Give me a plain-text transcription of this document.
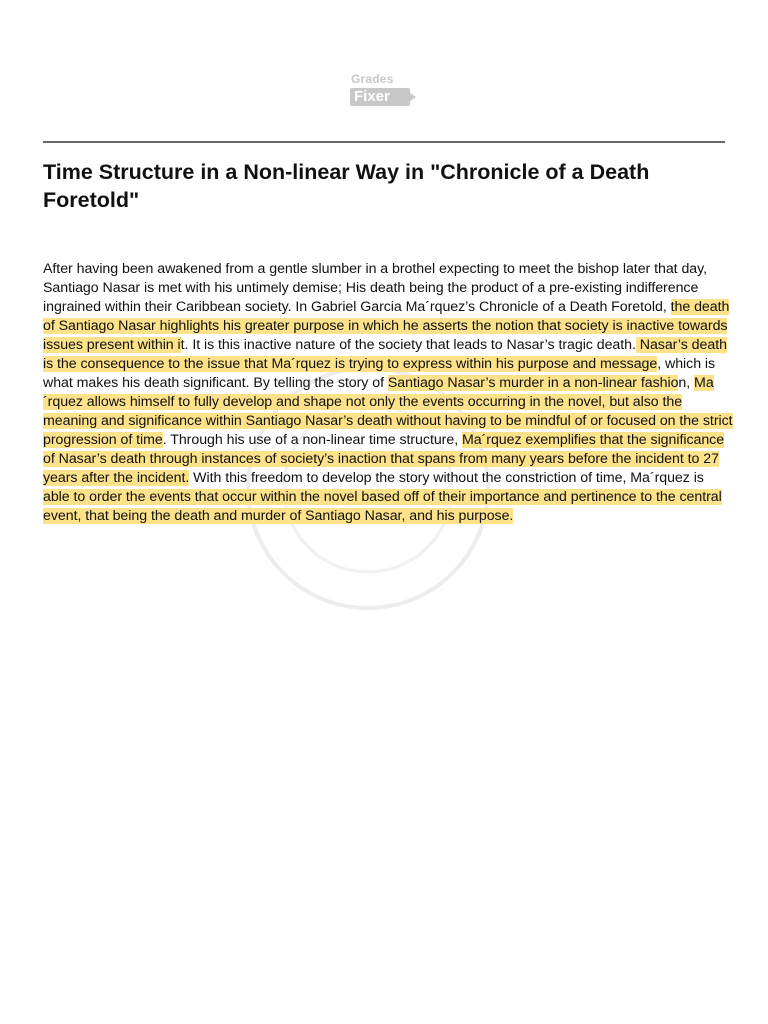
Grades
Fixer
Time Structure in a Non-linear Way in "Chronicle of a Death Foretold"

After having been awakened from a gentle slumber in a brothel expecting to meet the bishop later that day, Santiago Nasar is met with his untimely demise; His death being the product of a pre-existing indifference ingrained within their Caribbean society. In Gabriel Garcia Ma´rquez’s Chronicle of a Death Foretold, the death of Santiago Nasar highlights his greater purpose in which he asserts the notion that society is inactive towards issues present within it. It is this inactive nature of the society that leads to Nasar’s tragic death. Nasar’s death is the consequence to the issue that Ma´rquez is trying to express within his purpose and message, which is what makes his death significant. By telling the story of Santiago Nasar’s murder in a non-linear fashion, Ma´rquez allows himself to fully develop and shape not only the events occurring in the novel, but also the meaning and significance within Santiago Nasar’s death without having to be mindful of or focused on the strict progression of time. Through his use of a non-linear time structure, Ma´rquez exemplifies that the significance of Nasar’s death through instances of society’s inaction that spans from many years before the incident to 27 years after the incident. With this freedom to develop the story without the constriction of time, Ma´rquez is able to order the events that occur within the novel based off of their importance and pertinence to the central event, that being the death and murder of Santiago Nasar, and his purpose.
